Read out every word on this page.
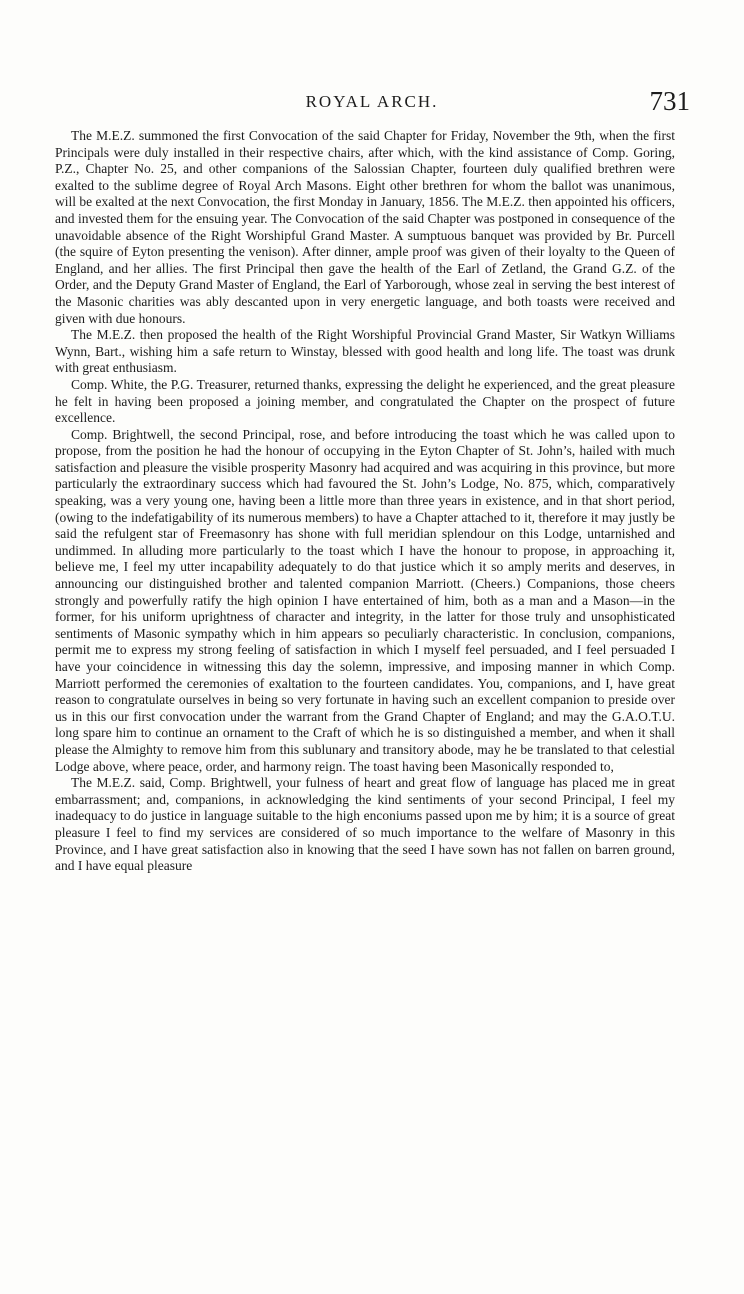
ROYAL ARCH.	731

The M.E.Z. summoned the first Convocation of the said Chapter for Friday, November the 9th, when the first Principals were duly installed in their respective chairs, after which, with the kind assistance of Comp. Goring, P.Z., Chapter No. 25, and other companions of the Salossian Chapter, fourteen duly qualified brethren were exalted to the sublime degree of Royal Arch Masons. Eight other brethren for whom the ballot was unanimous, will be exalted at the next Convocation, the first Monday in January, 1856. The M.E.Z. then appointed his officers, and invested them for the ensuing year. The Convocation of the said Chapter was postponed in consequence of the unavoidable absence of the Right Worshipful Grand Master. A sumptuous banquet was provided by Br. Purcell (the squire of Eyton presenting the venison). After dinner, ample proof was given of their loyalty to the Queen of England, and her allies. The first Principal then gave the health of the Earl of Zetland, the Grand G.Z. of the Order, and the Deputy Grand Master of England, the Earl of Yarborough, whose zeal in serving the best interest of the Masonic charities was ably descanted upon in very energetic language, and both toasts were received and given with due honours.

The M.E.Z. then proposed the health of the Right Worshipful Provincial Grand Master, Sir Watkyn Williams Wynn, Bart., wishing him a safe return to Winstay, blessed with good health and long life. The toast was drunk with great enthusiasm.

Comp. White, the P.G. Treasurer, returned thanks, expressing the delight he experienced, and the great pleasure he felt in having been proposed a joining member, and congratulated the Chapter on the prospect of future excellence.

Comp. Brightwell, the second Principal, rose, and before introducing the toast which he was called upon to propose, from the position he had the honour of occupying in the Eyton Chapter of St. John’s, hailed with much satisfaction and pleasure the visible prosperity Masonry had acquired and was acquiring in this province, but more particularly the extraordinary success which had favoured the St. John’s Lodge, No. 875, which, comparatively speaking, was a very young one, having been a little more than three years in existence, and in that short period, (owing to the indefatigability of its numerous members) to have a Chapter attached to it, therefore it may justly be said the refulgent star of Freemasonry has shone with full meridian splendour on this Lodge, untarnished and undimmed. In alluding more particularly to the toast which I have the honour to propose, in approaching it, believe me, I feel my utter incapability adequately to do that justice which it so amply merits and deserves, in announcing our distinguished brother and talented companion Marriott. (Cheers.) Companions, those cheers strongly and powerfully ratify the high opinion I have entertained of him, both as a man and a Mason—in the former, for his uniform uprightness of character and integrity, in the latter for those truly and unsophisticated sentiments of Masonic sympathy which in him appears so peculiarly characteristic. In conclusion, companions, permit me to express my strong feeling of satisfaction in which I myself feel persuaded, and I feel persuaded I have your coincidence in witnessing this day the solemn, impressive, and imposing manner in which Comp. Marriott performed the ceremonies of exaltation to the fourteen candidates. You, companions, and I, have great reason to congratulate ourselves in being so very fortunate in having such an excellent companion to preside over us in this our first convocation under the warrant from the Grand Chapter of England; and may the G.A.O.T.U. long spare him to continue an ornament to the Craft of which he is so distinguished a member, and when it shall please the Almighty to remove him from this sublunary and transitory abode, may he be translated to that celestial Lodge above, where peace, order, and harmony reign. The toast having been Masonically responded to,

The M.E.Z. said, Comp. Brightwell, your fulness of heart and great flow of language has placed me in great embarrassment; and, companions, in acknowledging the kind sentiments of your second Principal, I feel my inadequacy to do justice in language suitable to the high enconiums passed upon me by him; it is a source of great pleasure I feel to find my services are considered of so much importance to the welfare of Masonry in this Province, and I have great satisfaction also in knowing that the seed I have sown has not fallen on barren ground, and I have equal pleasure
